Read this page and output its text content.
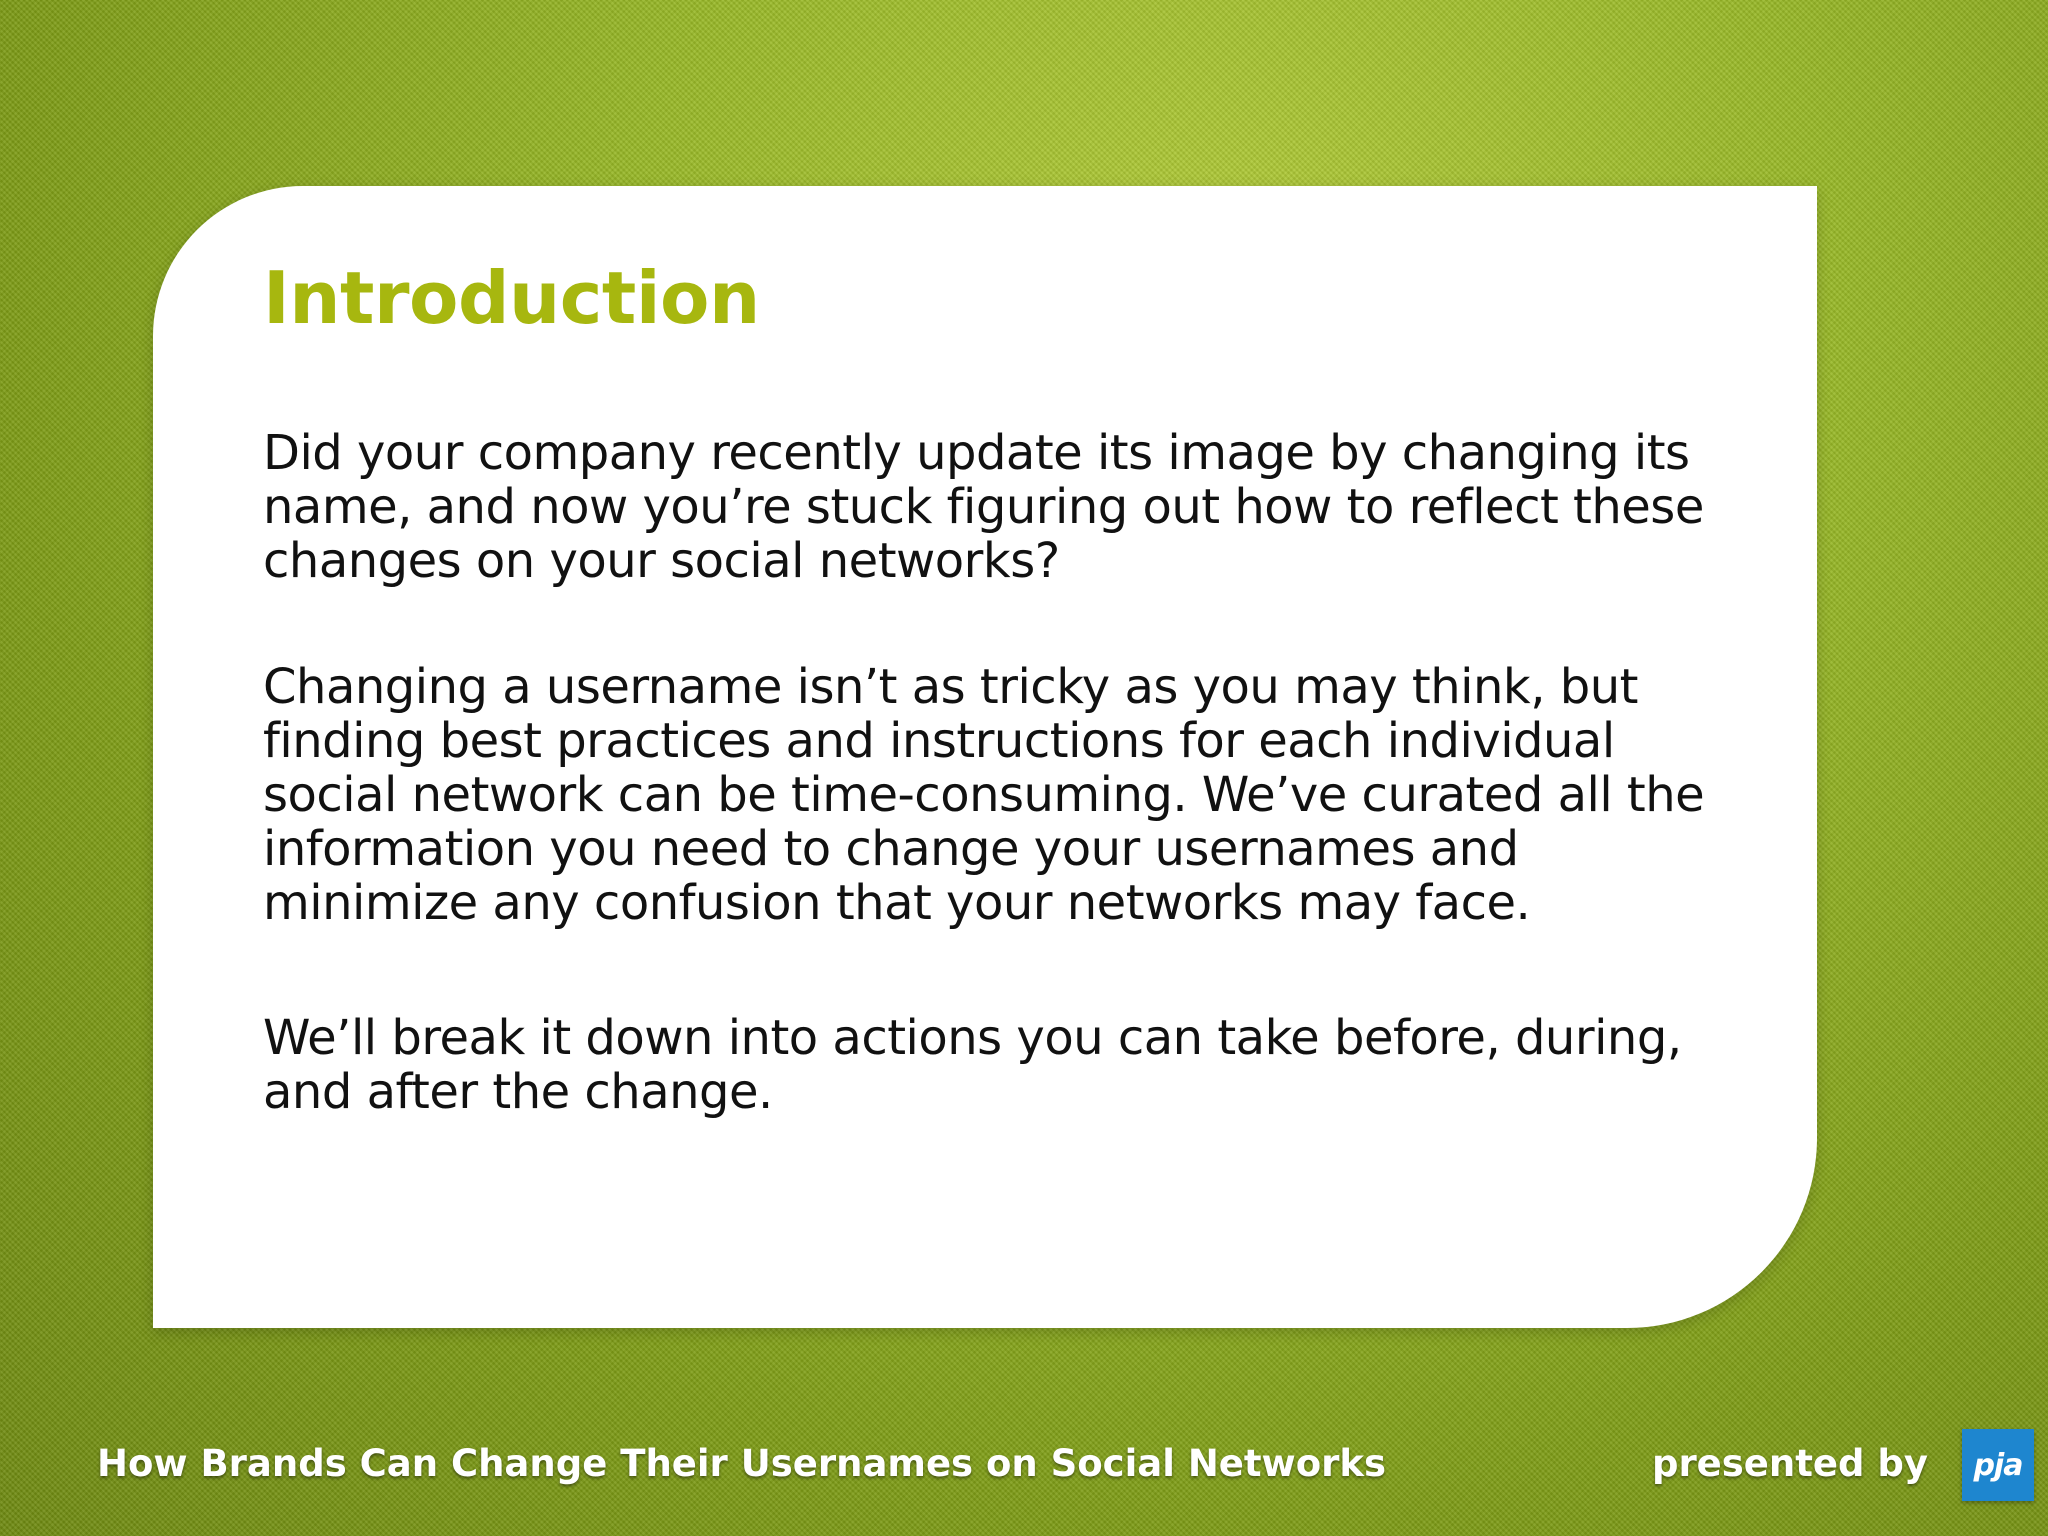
Introduction

Did your company recently update its image by changing its name, and now you’re stuck figuring out how to reflect these changes on your social networks?

Changing a username isn’t as tricky as you may think, but finding best practices and instructions for each individual social network can be time-consuming. We’ve curated all the information you need to change your usernames and minimize any confusion that your networks may face.

We’ll break it down into actions you can take before, during, and after the change.

How Brands Can Change Their Usernames on Social Networks	presented by pja
